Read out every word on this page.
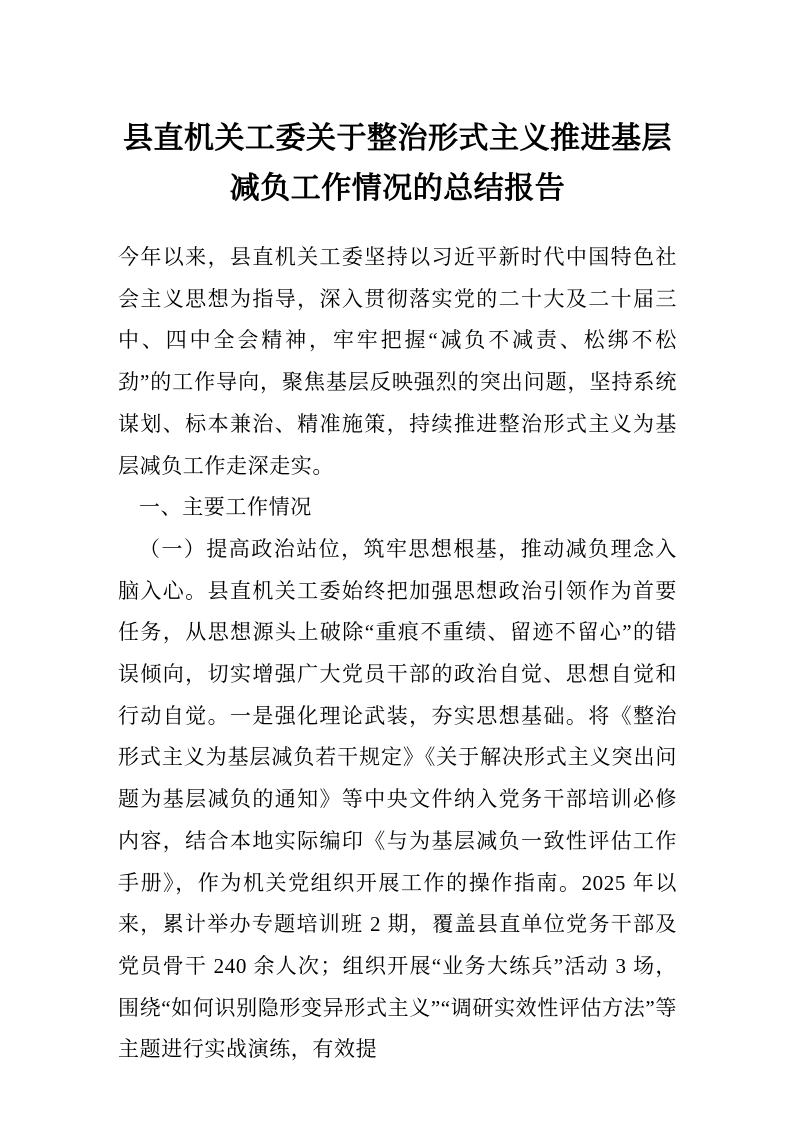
县直机关工委关于整治形式主义推进基层
减负工作情况的总结报告

今年以来，县直机关工委坚持以习近平新时代中国特色社会主义思想为指导，深入贯彻落实党的二十大及二十届三中、四中全会精神，牢牢把握“减负不减责、松绑不松劲”的工作导向，聚焦基层反映强烈的突出问题，坚持系统谋划、标本兼治、精准施策，持续推进整治形式主义为基层减负工作走深走实。

一、主要工作情况

（一）提高政治站位，筑牢思想根基，推动减负理念入脑入心。县直机关工委始终把加强思想政治引领作为首要任务，从思想源头上破除“重痕不重绩、留迹不留心”的错误倾向，切实增强广大党员干部的政治自觉、思想自觉和行动自觉。一是强化理论武装，夯实思想基础。将《整治形式主义为基层减负若干规定》《关于解决形式主义突出问题为基层减负的通知》等中央文件纳入党务干部培训必修内容，结合本地实际编印《与为基层减负一致性评估工作手册》，作为机关党组织开展工作的操作指南。2025 年以来，累计举办专题培训班 2 期，覆盖县直单位党务干部及党员骨干 240 余人次；组织开展“业务大练兵”活动 3 场，围绕“如何识别隐形变异形式主义”“调研实效性评估方法”等主题进行实战演练，有效提
